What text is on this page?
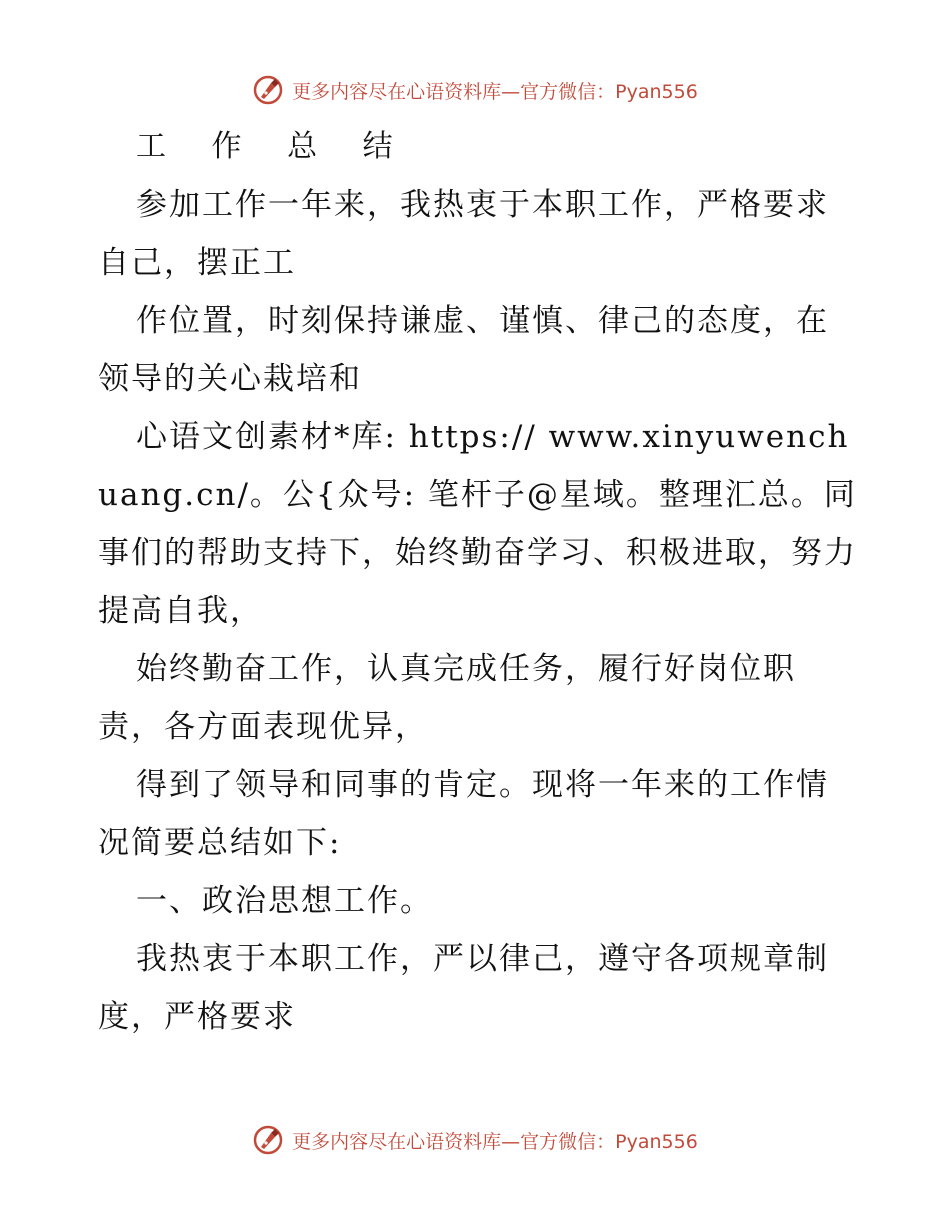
更多内容尽在心语资料库—官方微信：Pyan556
工 作 总 结

参加工作一年来，我热衷于本职工作，严格要求自己，摆正工

作位置，时刻保持谦虚、谨慎、律己的态度，在领导的关心栽培和

心语文创素材*库: https:// www.xinyuwenchuang.cn/。公{众号: 笔杆子@星域。整理汇总。同事们的帮助支持下，始终勤奋学习、积极进取，努力提高自我，

始终勤奋工作，认真完成任务，履行好岗位职责，各方面表现优异，

得到了领导和同事的肯定。现将一年来的工作情况简要总结如下:

一、政治思想工作。

我热衷于本职工作，严以律己，遵守各项规章制度，严格要求

更多内容尽在心语资料库—官方微信：Pyan556
